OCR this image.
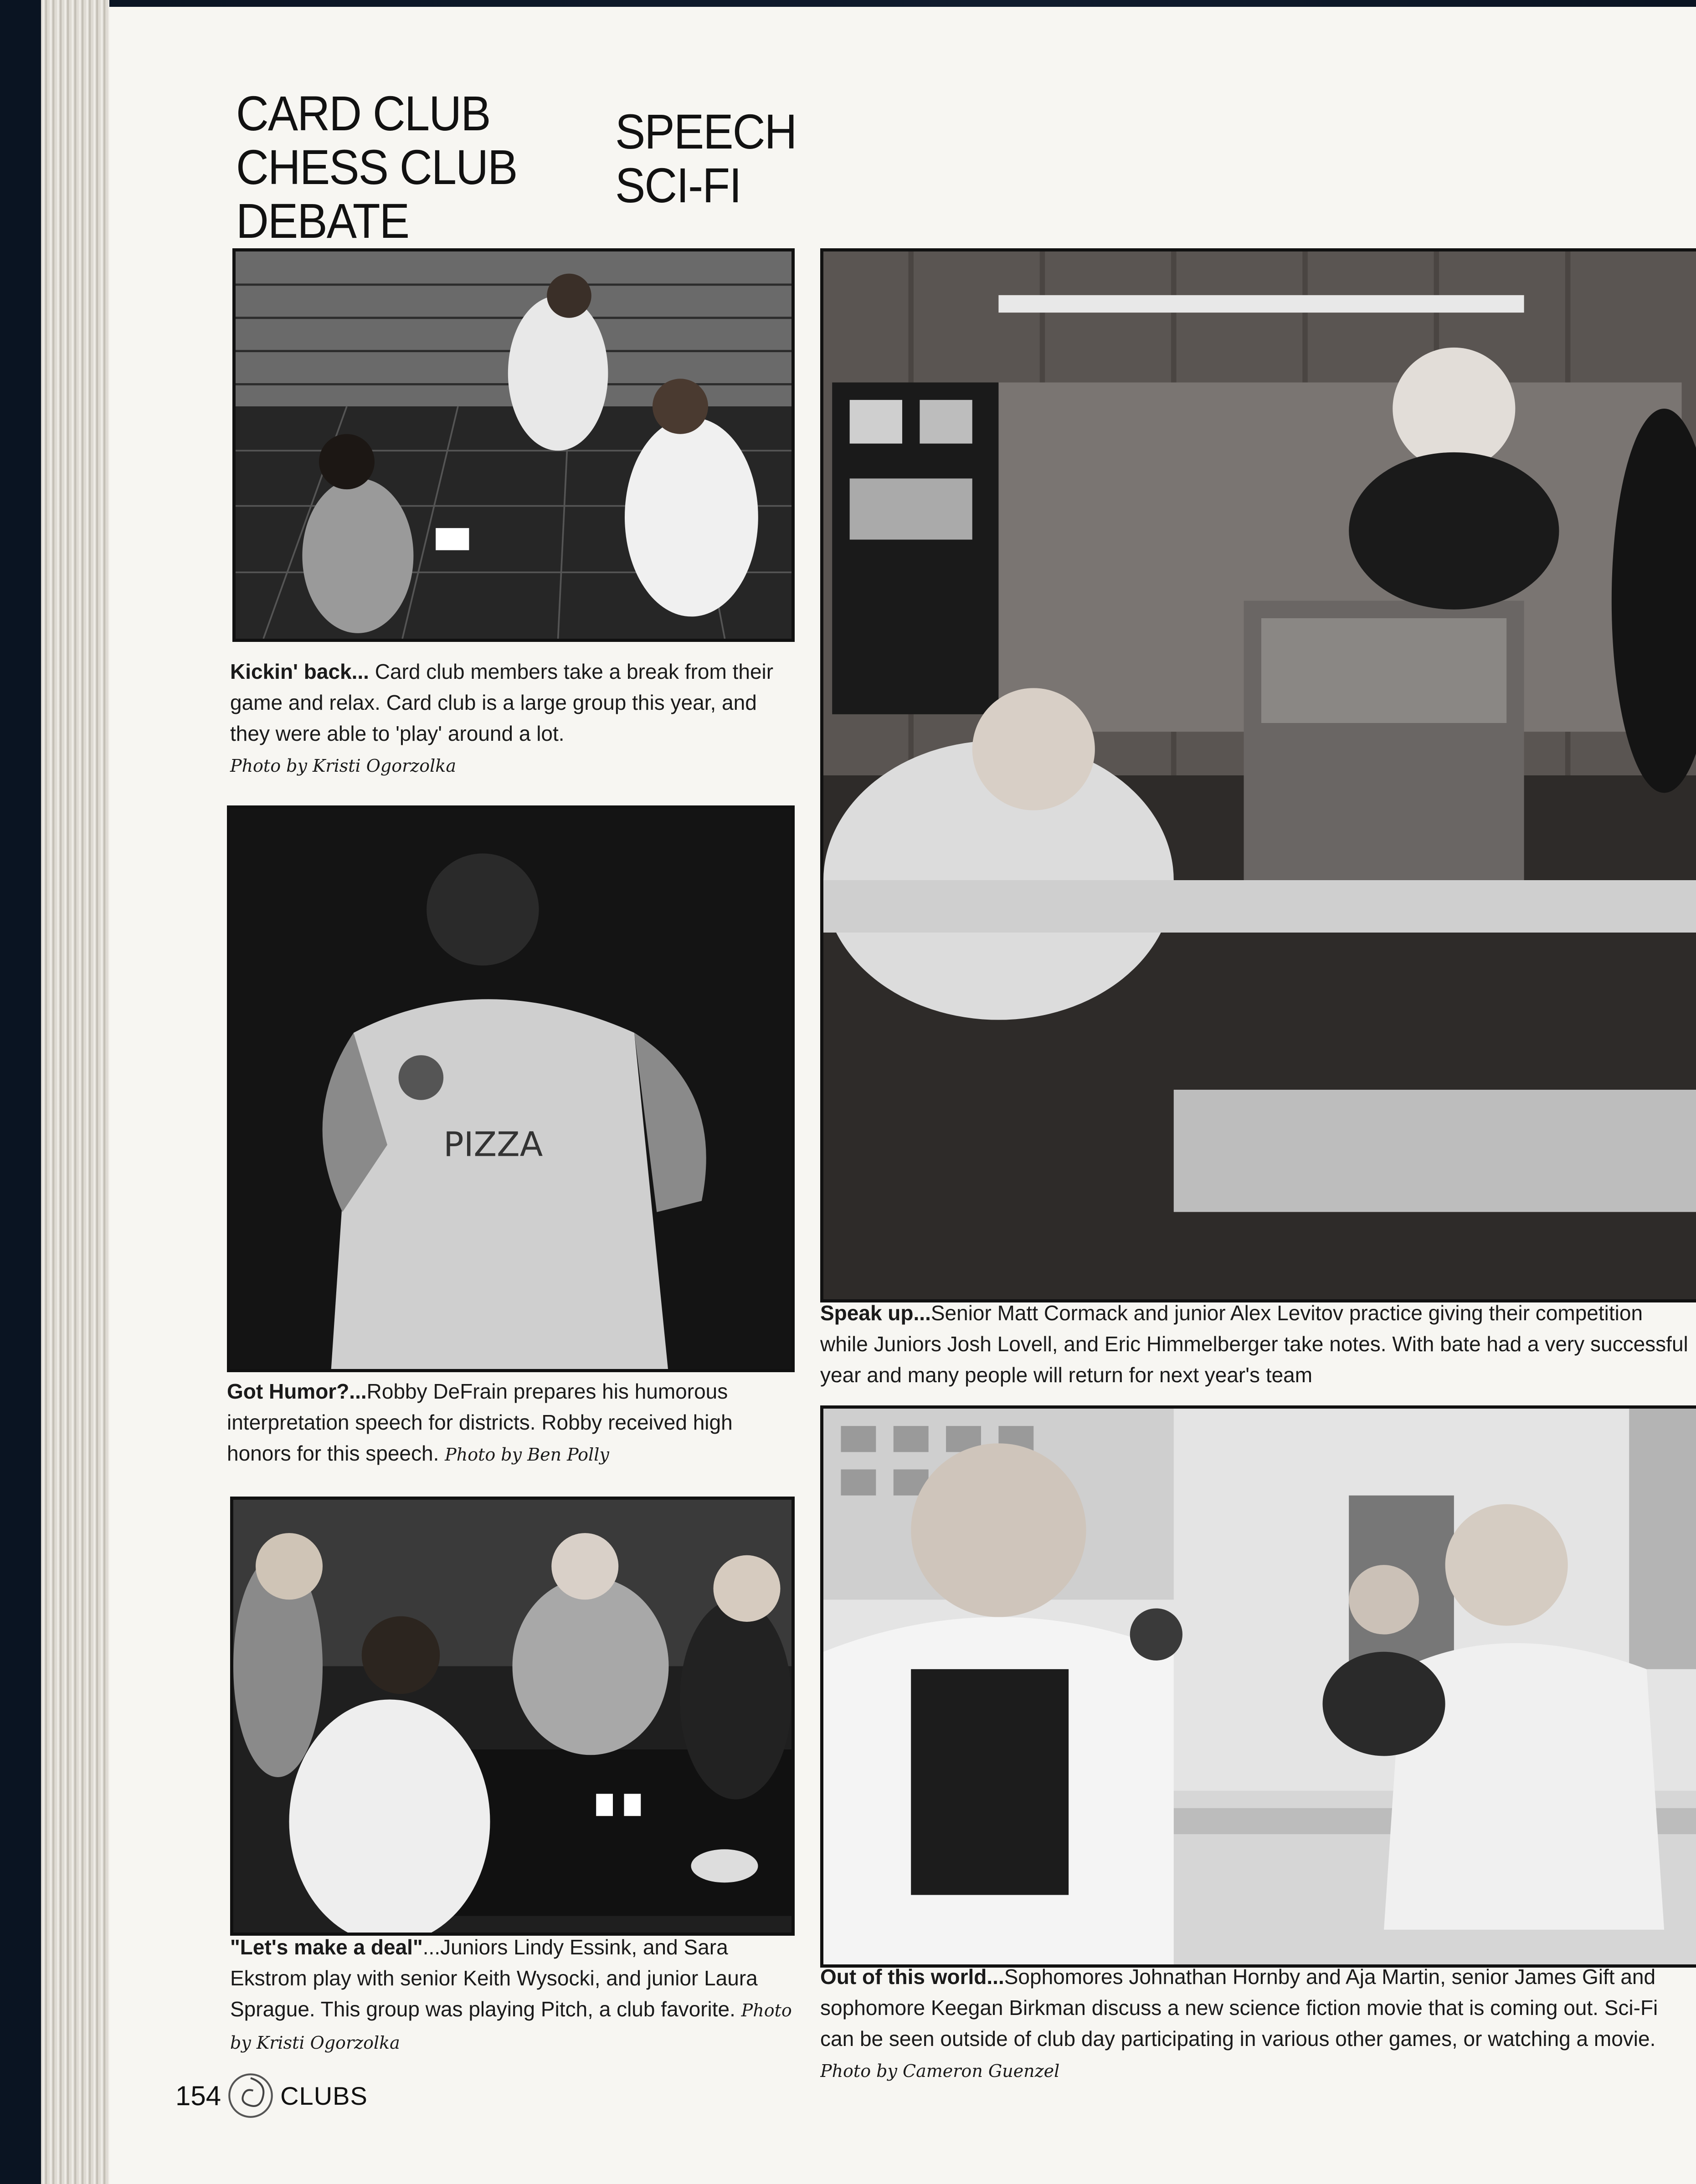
CARD CLUB
CHESS CLUB
DEBATE
SPEECH
SCI-FI
Kickin' back... Card club members take a break from their game and relax. Card club is a large group this year, and they were able to 'play' around a lot.
Photo by Kristi Ogorzolka
PIZZA
Got Humor?...Robby DeFrain prepares his humorous interpretation speech for districts. Robby received high honors for this speech. Photo by Ben Polly
"Let's make a deal"...Juniors Lindy Essink, and Sara Ekstrom play with senior Keith Wysocki, and junior Laura Sprague. This group was playing Pitch, a club favorite. Photo by Kristi Ogorzolka
Speak up...Senior Matt Cormack and junior Alex Levitov practice giving their competition while Juniors Josh Lovell, and Eric Himmelberger take notes. With bate had a very successful year and many people will return for next year's team
Out of this world...Sophomores Johnathan Hornby and Aja Martin, senior James Gift and sophomore Keegan Birkman discuss a new science fiction movie that is coming out. Sci-Fi can be seen outside of club day participating in various other games, or watching a movie. Photo by Cameron Guenzel
154 CLUBS
